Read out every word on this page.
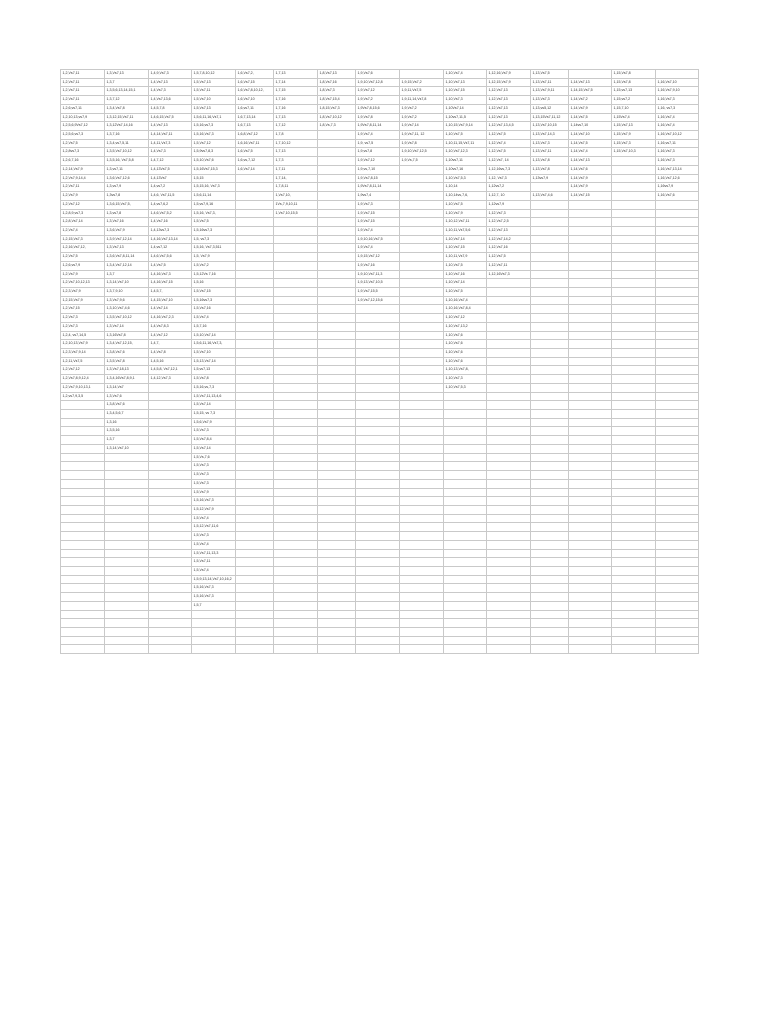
1,2,Vs7,11	1,3,Vs7,13	1,4,9,Vs7,3	1,5,7,8,10,12	1,6,Vs7,2,	1,7,13	1,8,Vs7,13	1,9,Vs7,6		1,10,Vs7,4	1,12,16,Vs7,9	1,13,Vs7,5		1,15,Vs7,8	
1,2,Vs7,11	1,3,7	1,4,Vs7,13	1,5,Vs7,13	1,6,Vs7,15	1,7,14	1,8,Vs7,16	1,9,10,Vs7,12,8	1,9,15,Vs7,2	1,10,Vs7,13	1,12,15,Vs7,9	1,13,Vs7,11	1,14,Vs7,13	1,15,Vs7,8	1,16,Vs7,10
1,2,Vs7,11	1,3,5,6,13,14,15,1	1,4,Vs7,3	1,5,Vs7,11	1,6,Vs7,8,10,12,	1,7,15	1,8,Vs7,3	1,9,Vs7,12	1,9,11,Vs7,5	1,10,Vs7,15	1,12,Vs7,13	1,13,Vs7,9,11	1,14,15,Vs7,5	1,15,vs7,13	1,16,Vs7,9,10
1,2,Vs7,11	1,3,7,12	1,4,Vs7,13,6	1,5,Vs7,10	1,6,Vs7,10	1,7,16	1,8,Vs7,15,4	1,9,Vs7,2	1,9,11,14,Vs7,8	1,10,Vs7,3	1,12,Vs7,13	1,13,Vs7,3	1,14,Vs7,2	1,15,vs7,2	1,16,Vs7,3
1,2,6,vs7,11	1,3,4,Vs7,8	1,4,5,7,8	1,5,Vs7,13	1,6,vs7,11	1,7,16	1,8,15,Vs7,3	1,9Vs7,8,15,6	1,9,Vs7,2	1,10Vs7,14	1,12,Vs7,13	1,13,vs5,12	1,14,Vs7,9	1,15,7,10	1,16, vs7,3
1,2,10,13,vs7,9	1,3,12,15,Vs7,11	1,4,6,15,Vs7,5	1,5,6,11,16,Vs7,1	1,6,7,13,14	1,7,13	1,8,Vs7,10,12	1,9,Vs7,8	1,9,Vs7,2	1,10vs7,11,5	1,12,Vs7,13	1,13,15Vs7,11,12	1,14,Vs7,5	1,15Vs7,4	1,16,Vs7,4
1,2,5,6,9Vs7,12	1,3,12Vs7,14,16	1,4,Vs7,13	1,5,16,vs7,3	1,6,7,13	1,7,12	1,8,Vs,7,3	1,9Vs7,8,11,14	1,9,Vs7,14	1,10,15,Vs7,9,14	1,12,Vs7,13,4,5	1,13,Vs7,10,15	1,14vs7,10	1,15,Vs7,13	1,16,Vs7,4
1,2,5,6,vs7,3	1,3,7,16	1,4,14,Vs7,11	1,5,16,Vs7,3	1,6,8,Vs7,12	1,7,8		1,9,Vs7,4	1,9,Vs7,11, 12	1,10,Vs7,5	1,12,Vs7,5	1,13,Vs7,14,3	1,14,Vs7,10	1,15,Vs7,9	1,16,Vs7,10,12
1,2,Vs7,5	1,3,4,vs7,5,11	1,4,11,Vs7,3	1,5,Vs7,12	1,6,16,Vs7,11	1,7,10,12		1,9, vs7,5	1,9,Vs7,8	1,10,11,15,Vs7,11	1,12,Vs7,4	1,13,Vs7,3	1,14,Vs7,5	1,15,Vs7,3	1,16,vs7,11
1,2,8vs7,3	1,3,5,Vs7,10,12	1,4,Vs7,3	1,5,9vs7,8,3	1,6,Vs7,5	1,7,13		1,9,vs7,8	1,9,10,Vs7,12,5	1,10,Vs7,12,3	1,12,Vs7,5	1,13,Vs7,11	1,14,Vs7,4	1,15,Vs7,10,3	1,16,Vs7,3
1,2,6,7,16	1,3,5,16, Vs7,5,8	1,4,7,12	1,5,10,Vs7,6	1,6,vs,7,12	1,7,3		1,9,Vs7,12	1,9,Vs,7,5	1,10vs7,11	1,12,Vs7, 14	1,13,Vs7,8	1,14,Vs7,13		1,16,Vs7,3
1,2,14,Vs7,9	1,3,vs7,11	1,4,13Vs7,5	1,5,16Vs7,15,3	1,6,Vs7,14	1,7,11		1,9,vs,7,10		1,10vs7,16	1,12,16vs,7,3	1,13,Vs7,8	1,14,Vs7,6		1,16,Vs7,13,14
1,2,Vs7,9,14,4	1,3,6,Vs7,12,6	1,4,13Vs7	1,5,15		1,7,14,		1,9,Vs7,8,15		1,10,Vs7,5,3	1,12, Vs7,3	1,13vs7,9	1,14,Vs7,9		1,16,Vs7,12,6
1,2,Vs7,11	1,3,vs7,9	1,4,vs7,2	1,5,15,16, Vs7,3		1,7,8,11		1,9Vs7,8,11,14		1,10,14	1,12vs7,2		1,14,Vs7,9		1,16vs7,9
1,2,Vs7,9	1,3vs7,8	1,4,6, Vs7,11,5	1,5,6,11,14		1,Vs7,10,		1,9vs7,4		1,10,14vs,7,6,	1,12,7, 10	1,13,Vs7,4,6	1,14,Vs7,15		1,16,Vs7,6
1,2,Vs7,12	1,3,6,15,Vs7,5,	1,4,vs7,6,2	1,5,vs7,9,16		1Vs,7,9,10,11		1,9,Vs7,3		1,10,Vs7,5	1,12vs7,9				
1,2,8,9,vs7,3	1,3,vs7,8	1,4,6,Vs7,5,2	1,5,16, Vs7,3,		1,Vs7,10,15,5		1,9,Vs7,15		1,10,Vs7,9	1,12,Vs7,3				
1,2,8,Vs7,14	1,3,Vs7,16	1,4,Vs7,16	1,5,Vs7,5				1,9,Vs7,15		1,10,12,Vs7,11	1,12,Vs7,2,5				
1,2,Vs7,4	1,3,6,Vs7,9	1,4,13vs7,3	1,5,16vs7,3				1,9,Vs7,4		1,10,11,Vs7,5,6	1,12,Vs7,13				
1,2,15,Vs7,3	1,3,9,Vs7,12,14	1,4,16,Vs7,13,14	1,5, vs7,3				1,9,10,16,Vs7,5		1,10,Vs7,14	1,12,Vs7,14,2				
1,2,16,Vs7,12,	1,3,Vs7,13	1,4,vs7,12	1,5,16, Vs7,3,511				1,9,Vs7,4		1,10,Vs7,15	1,12,Vs7,16				
1,2,Vs7,5	1,3,6,Vs7,8,11,14	1,4,6,Vs7,5,6	1,5, Vs7,9				1,9,15,Vs7,12		1,10,11,Vs7,9	1,12,Vs7,5				
1,2,6,vs7,9	1,3,4,Vs7,12,14	1,4,Vs7,5	1,5,Vs7,2				1,9,Vs7,16		1,10,Vs7,5	1,12,Vs7,11				
1,2,Vs7,9	1,3,7	1,4,16,Vs7,3	1,5,12Vs 7,16				1,9,10,Vs7,11,3		1,10,Vs7,16	1,12,16Vs7,3				
1,2,Vs7,10,12,13	1,3,14,Vs7,10	1,4,16,Vs7,15	1,5,16				1,9,13,Vs7,10,5		1,10,Vs7,14					
1,2,3,Vs7,9	1,3,7,9,10	1,4,5,7,	1,5,Vs7,15				1,9,Vs7,15,5		1,10,Vs7,5					
1,2,15,Vs7,9	1,3,Vs7,9,6	1,4,15,Vs7,10	1,5,16vs7,3				1,9,Vs7,12,15,6		1,10,16,Vs7,4					
1,2,Vs7,15	1,3,10,Vs7,4,6	1,4,Vs7,14	1,5,Vs7,16						1,10,16,Vs7,8,4					
1,2,Vs7,3	1,3,5,Vs7,10,12	1,4,16,Vs7,2,3	1,5,Vs7,4						1,10,Vs7,12					
1,2,Vs7,3	1,3,Vs7,14	1,4,Vs7,8,3	1,5,7,16						1,10,Vs7,13,2					
1,2,4, vs7,14,5	1,3,16Vs7,8	1,4,Vs7,12	1,5,10,Vs7,14						1,10,Vs7,6					
1,2,10,13,Vs7,9	1,3,4,Vs7,12,15,	1,4,7,	1,5,6,11,16,Vs7,3,						1,10,Vs7,6					
1,2,3,Vs7,9,14	1,3,8,Vs7,6	1,4,Vs7,8	1,5,Vs7,10						1,10,Vs7,6					
1,2,11,Vs7,5	1,3,5,Vs7,8	1,4,5,16	1,5,13,Vs7,14						1,10,Vs7,6					
1,2,Vs7,12	1,3,Vs7,18,13	1,4,5,8, Vs7,12,1	1,5,vs7,13						1,10,13,Vs7,8,					
1,2,Vs7,8,9,12,4	1,3,4,16Vs7,8,9,1	1,4,12,Vs7,3	1,5,Vs7,8						1,10,Vs7,3					
1,2,Vs7,9,10,13,1	1,3,14,Vs7		1,5,16,vs,7,3						1,10,Vs7,5,3					
1,2,vs7,9,3,5	1,3,Vs7,6		1,5,Vs7,11,13,4,6											
	1,3,8,Vs7,6		1,5,Vs7,14											
	1,3,4,5,6,7		1,5,15, vs 7,3											
	1,3,16		1,5,6,Vs7,9											
	1,3,5,16		1,5,Vs7,3											
	1,3,7		1,5,Vs7,8,4											
	1,3,14,Vs7,10		1,5,Vs7,14											
			1,5,Vs,7,6											
			1,5,Vs7,3											
			1,5,Vs7,3											
			1,5,Vs7,3											
			1,5,Vs7,9											
			1,5,16,Vs7,3											
			1,5,12,Vs7,9											
			1,5,Vs7,4											
			1,5,12,Vs7,11,6											
			1,5,Vs7,3											
			1,5,Vs7,4											
			1,5,Vs7,11,13,3											
			1,5,Vs7,11											
			1,5,Vs7,4											
			1,5,9,13,14,Vs7,10,16,2											
			1,5,16,Vs7,3											
			1,5,16,Vs7,3											
			1,5,7											
